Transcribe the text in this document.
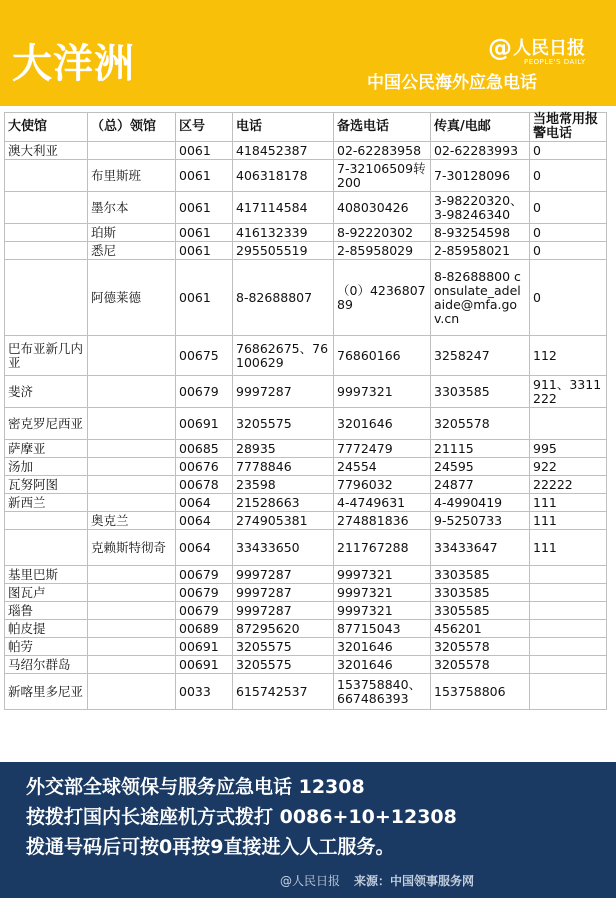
大洋洲	@人民日报
PEOPLE'S DAILY
中国公民海外应急电话
大使馆	（总）领馆	区号	电话	备选电话	传真/电邮	当地常用报警电话
澳大利亚		0061	418452387	02-62283958	02-62283993	0
	布里斯班	0061	406318178	7-32106509转200	7-30128096	0
	墨尔本	0061	417114584	408030426	3-98220320、3-98246340	0
	珀斯	0061	416132339	8-92220302	8-93254598	0
	悉尼	0061	295505519	2-85958029	2-85958021	0
	阿德莱德	0061	8-82688807	（0）423680789	8-82688800 consulate_adelaide@mfa.gov.cn	0
巴布亚新几内亚		00675	76862675、76100629	76860166	3258247	112
斐济		00679	9997287	9997321	3303585	911、3311222
密克罗尼西亚		00691	3205575	3201646	3205578	
萨摩亚		00685	28935	7772479	21115	995
汤加		00676	7778846	24554	24595	922
瓦努阿图		00678	23598	7796032	24877	22222
新西兰		0064	21528663	4-4749631	4-4990419	111
	奥克兰	0064	274905381	274881836	9-5250733	111
	克赖斯特彻奇	0064	33433650	211767288	33433647	111
基里巴斯		00679	9997287	9997321	3303585	
图瓦卢		00679	9997287	9997321	3303585	
瑙鲁		00679	9997287	9997321	3305585	
帕皮提		00689	87295620	87715043	456201	
帕劳		00691	3205575	3201646	3205578	
马绍尔群岛		00691	3205575	3201646	3205578	
新喀里多尼亚		0033	615742537	153758840、667486393	153758806	
外交部全球领保与服务应急电话 12308
按拨打国内长途座机方式拨打 0086+10+12308
拨通号码后可按0再按9直接进入人工服务。
@人民日报 来源：中国领事服务网
